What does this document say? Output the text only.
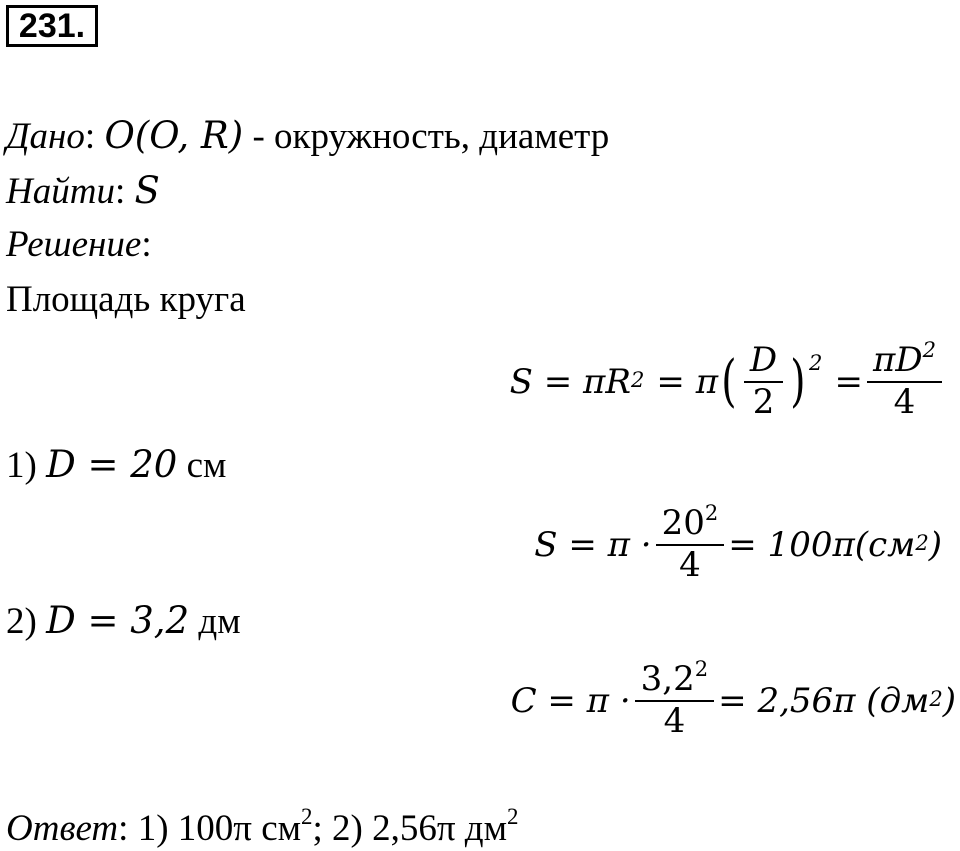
231.
Дано: O(O, R) - окружность, диаметр
Найти: S
Решение:
Площадь круга
$S = \pi R^2 = \pi$ ( $\frac{D}{2} )^2 = \frac{\pi D^2}{4}$
1) D = 20 см
$S = \pi \cdot \frac{20^2}{4} = 100\pi(см^2$ )
2) D = 3,2 дм
$C = \pi \cdot \frac{3,2^2}{4} = 2,56\pi$ ($дм^2$ )
Ответ: 1) 100π $см^2$; 2) 2,56π $дм^2$
